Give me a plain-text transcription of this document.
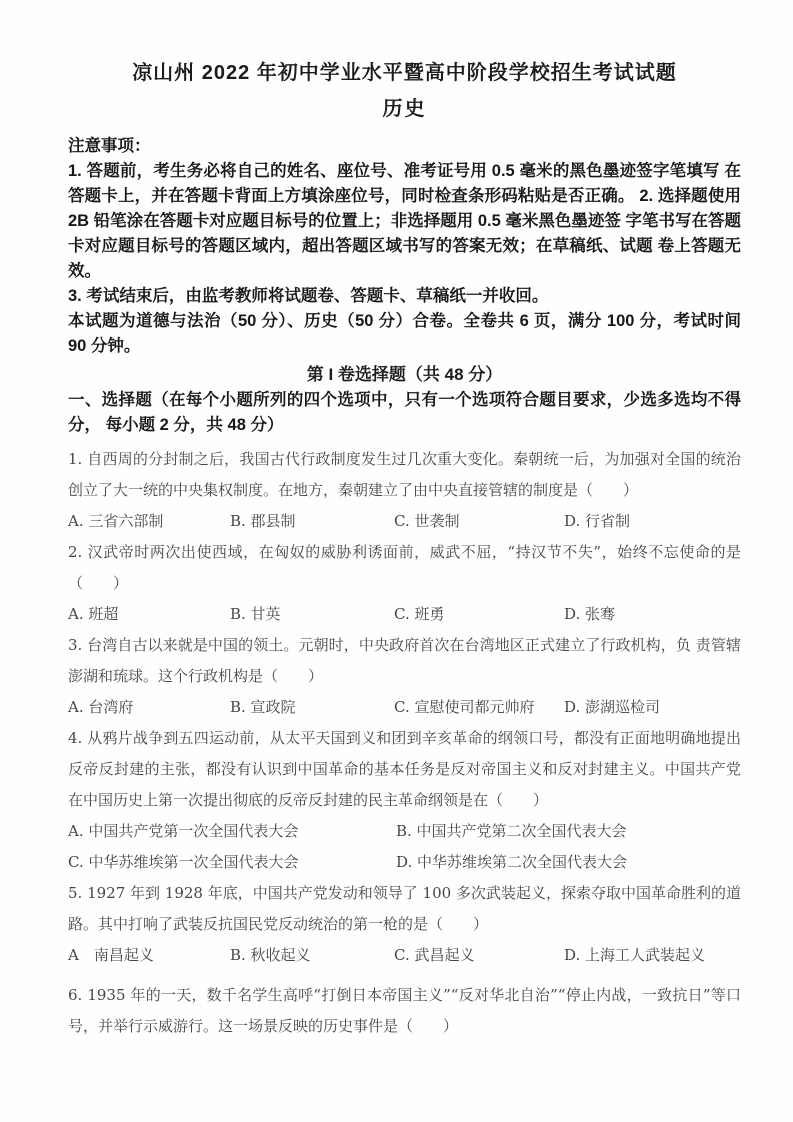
凉山州 2022 年初中学业水平暨高中阶段学校招生考试试题
历史

注意事项：

1. 答题前，考生务必将自己的姓名、座位号、准考证号用 0.5 毫米的黑色墨迹签字笔填写 在答题卡上，并在答题卡背面上方填涂座位号，同时检查条形码粘贴是否正确。 2. 选择题使用 2B 铅笔涂在答题卡对应题目标号的位置上；非选择题用 0.5 毫米黑色墨迹签 字笔书写在答题卡对应题目标号的答题区域内，超出答题区域书写的答案无效；在草稿纸、试题 卷上答题无效。

3. 考试结束后，由监考教师将试题卷、答题卡、草稿纸一并收回。

本试题为道德与法治（50 分）、历史（50 分）合卷。全卷共 6 页，满分 100 分，考试时间 90 分钟。

第 I 卷选择题（共 48 分）

一、选择题（在每个小题所列的四个选项中，只有一个选项符合题目要求，少选多选均不得分， 每小题 2 分，共 48 分）

1. 自西周的分封制之后，我国古代行政制度发生过几次重大变化。秦朝统一后，为加强对全国的统治创立了大一统的中央集权制度。在地方，秦朝建立了由中央直接管辖的制度是（　　）

A. 三省六部制	B. 郡县制	C. 世袭制	D. 行省制

2. 汉武帝时两次出使西域，在匈奴的威胁利诱面前，威武不屈，“持汉节不失”，始终不忘使命的是（　　）

A. 班超	B. 甘英	C. 班勇	D. 张骞

3. 台湾自古以来就是中国的领土。元朝时，中央政府首次在台湾地区正式建立了行政机构，负 责管辖澎湖和琉球。这个行政机构是（　　）

A. 台湾府	B. 宣政院	C. 宣慰使司都元帅府	D. 澎湖巡检司

4. 从鸦片战争到五四运动前，从太平天国到义和团到辛亥革命的纲领口号，都没有正面地明确地提出反帝反封建的主张，都没有认识到中国革命的基本任务是反对帝国主义和反对封建主义。中国共产党在中国历史上第一次提出彻底的反帝反封建的民主革命纲领是在（　　）

A. 中国共产党第一次全国代表大会	B. 中国共产党第二次全国代表大会
C. 中华苏维埃第一次全国代表大会	D. 中华苏维埃第二次全国代表大会

5. 1927 年到 1928 年底，中国共产党发动和领导了 100 多次武装起义，探索夺取中国革命胜利的道路。其中打响了武装反抗国民党反动统治的第一枪的是（　　）

A　南昌起义	B. 秋收起义	C. 武昌起义	D. 上海工人武装起义

6. 1935 年的一天，数千名学生高呼“打倒日本帝国主义”“反对华北自治”“停止内战，一致抗日”等口号，并举行示威游行。这一场景反映的历史事件是（　　）
